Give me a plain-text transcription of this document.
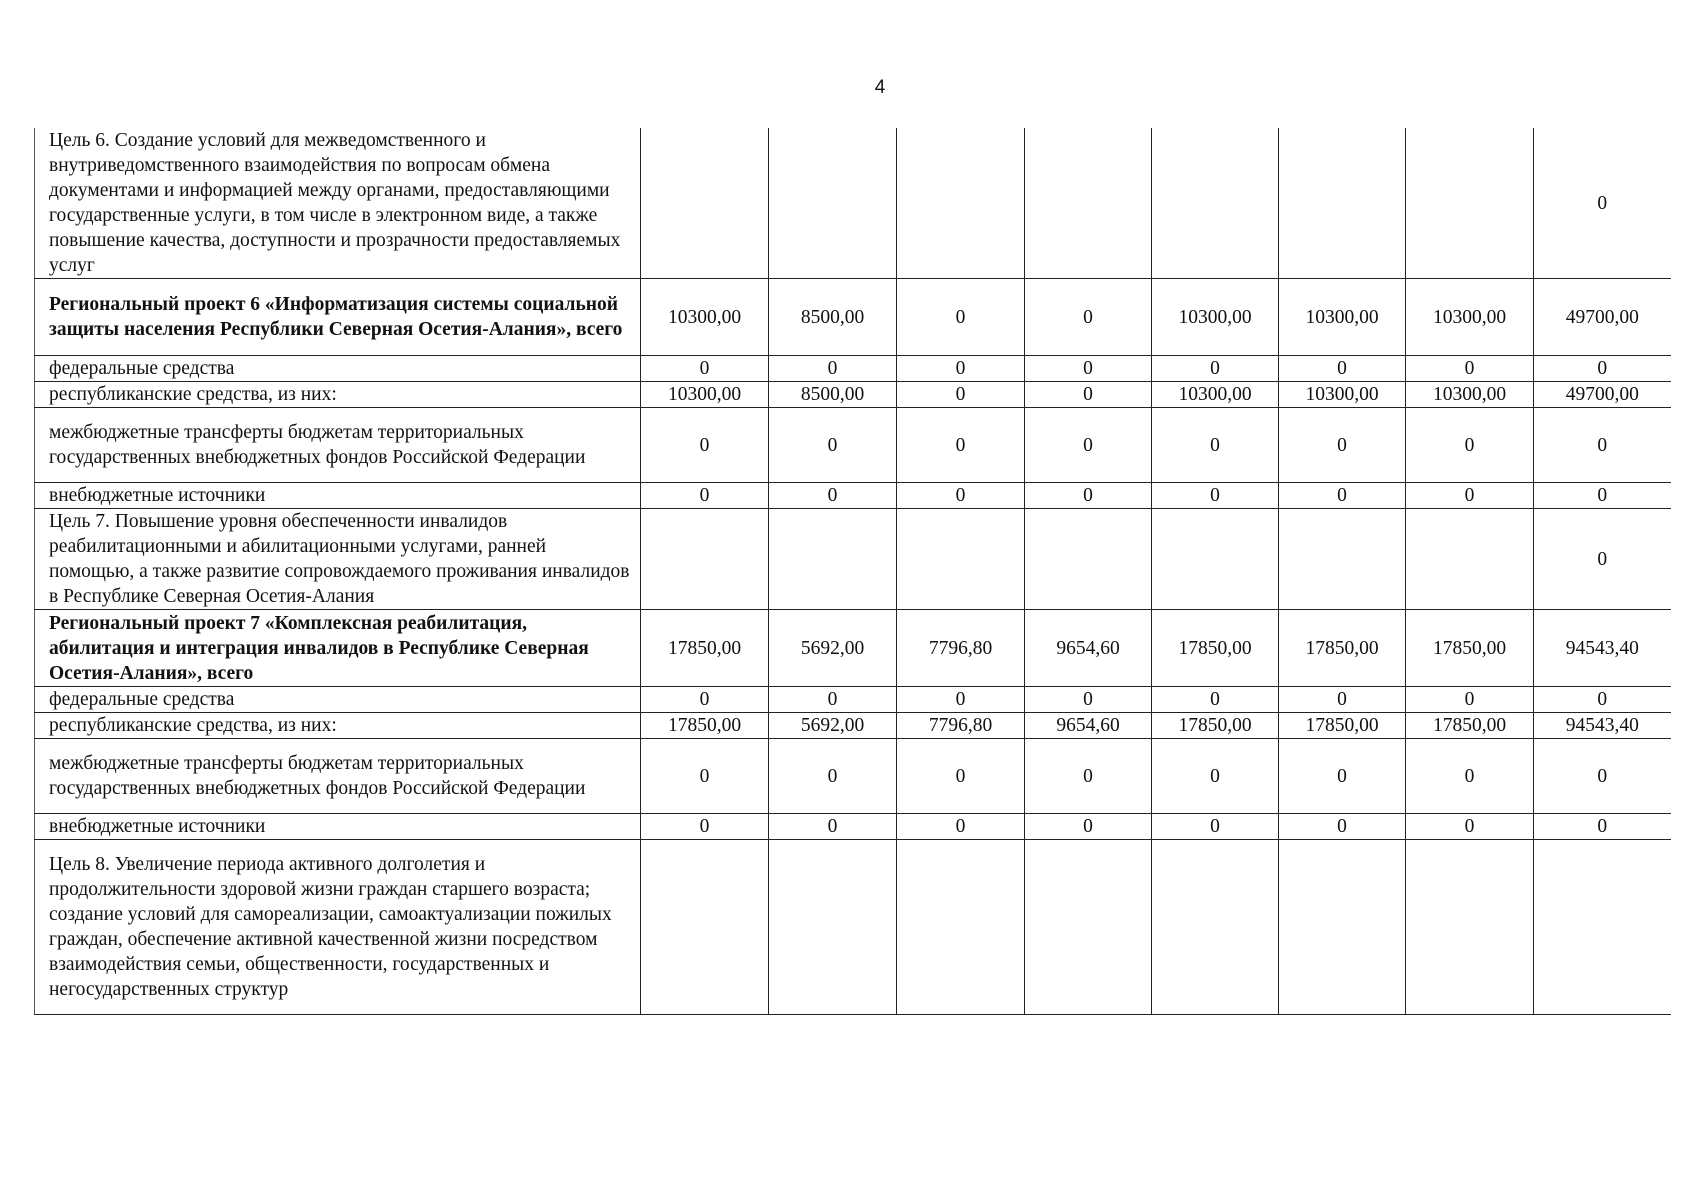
4
Цель 6. Создание условий для межведомственного и внутриведомственного взаимодействия по вопросам обмена документами и информацией между органами, предоставляющими государственные услуги, в том числе в электронном виде, а также повышение качества, доступности и прозрачности предоставляемых услуг								0
Региональный проект 6 «Информатизация системы социальной защиты населения Республики Северная Осетия-Алания», всего	10300,00	8500,00	0	0	10300,00	10300,00	10300,00	49700,00
федеральные средства	0	0	0	0	0	0	0	0
республиканские средства, из них:	10300,00	8500,00	0	0	10300,00	10300,00	10300,00	49700,00
межбюджетные трансферты бюджетам территориальных государственных внебюджетных фондов Российской Федерации	0	0	0	0	0	0	0	0
внебюджетные источники	0	0	0	0	0	0	0	0
Цель 7. Повышение уровня обеспеченности инвалидов реабилитационными и абилитационными услугами, ранней помощью, а также развитие сопровождаемого проживания инвалидов в Республике Северная Осетия-Алания								0
Региональный проект 7 «Комплексная реабилитация, абилитация и интеграция инвалидов в Республике Северная Осетия-Алания», всего	17850,00	5692,00	7796,80	9654,60	17850,00	17850,00	17850,00	94543,40
федеральные средства	0	0	0	0	0	0	0	0
республиканские средства, из них:	17850,00	5692,00	7796,80	9654,60	17850,00	17850,00	17850,00	94543,40
межбюджетные трансферты бюджетам территориальных государственных внебюджетных фондов Российской Федерации	0	0	0	0	0	0	0	0
внебюджетные источники	0	0	0	0	0	0	0	0
Цель 8. Увеличение периода активного долголетия и продолжительности здоровой жизни граждан старшего возраста; создание условий для самореализации, самоактуализации пожилых граждан, обеспечение активной качественной жизни посредством взаимодействия семьи, общественности, государственных и негосударственных структур								
